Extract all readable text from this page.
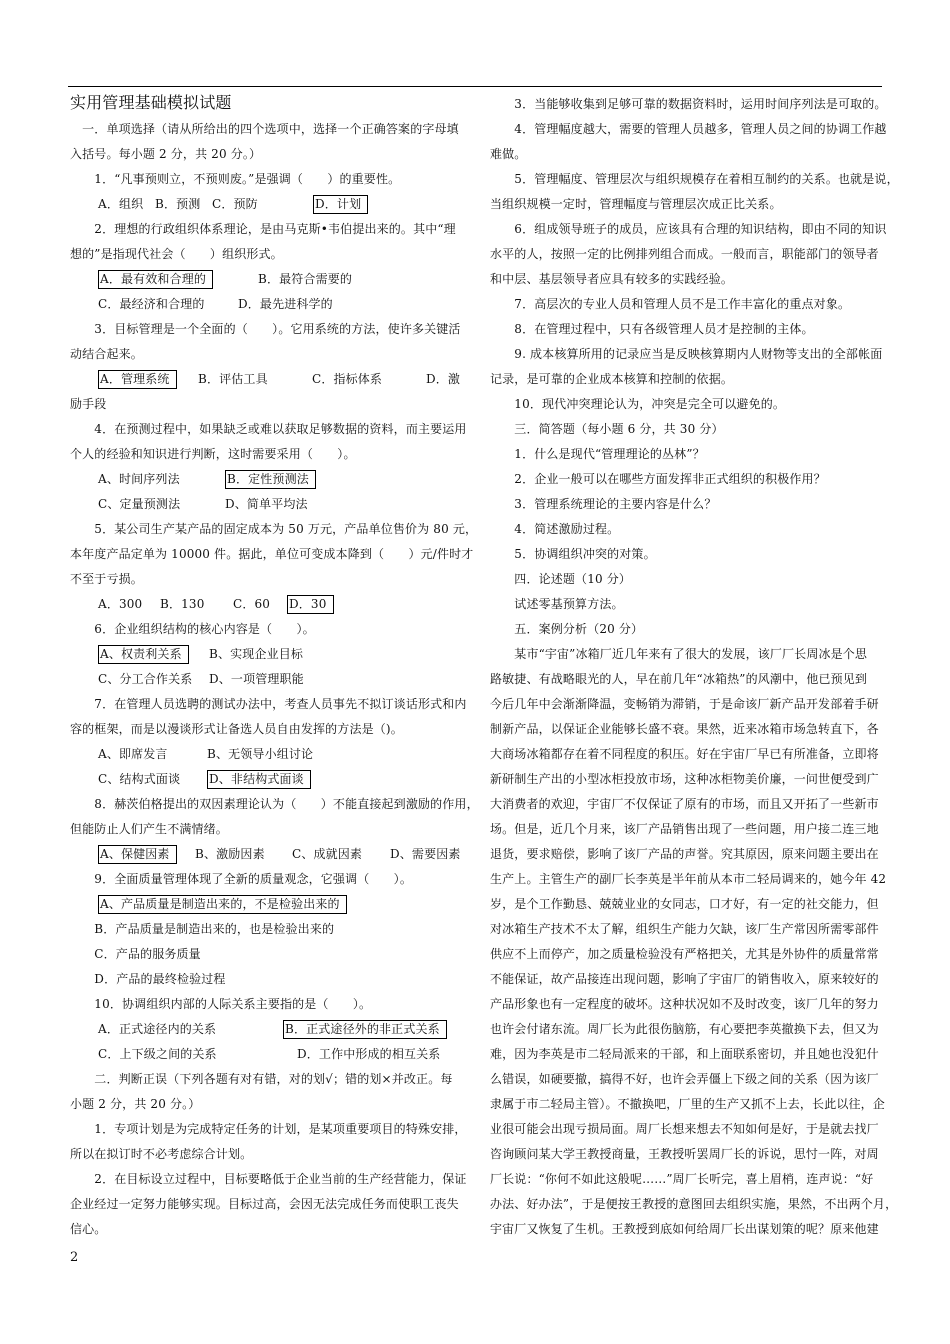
实用管理基础模拟试题
　一．单项选择（请从所给出的四个选项中，选择一个正确答案的字母填
入括号。每小题 2 分，共 20 分。）
　　1．“凡事预则立，不预则废。”是强调（　　）的重要性。
A．组织 B．预测 C．预防	D．计划
　　2．理想的行政组织体系理论，是由马克斯•韦伯提出来的。其中“理
想的”是指现代社会（　　）组织形式。
A．最有效和合理的	B．最符合需要的
C．最经济和合理的	D．最先进科学的
　　3．目标管理是一个全面的（　　）。它用系统的方法，使许多关键活
动结合起来。
A．管理系统	B．评估工具	C．指标体系	D．激
励手段
　　4．在预测过程中，如果缺乏或难以获取足够数据的资料，而主要运用
个人的经验和知识进行判断，这时需要采用（　　）。
A、时间序列法	B．定性预测法
C、定量预测法	D、简单平均法
　　5．某公司生产某产品的固定成本为 50 万元，产品单位售价为 80 元，
本年度产品定单为 10000 件。据此，单位可变成本降到（　　）元/件时才
不至于亏损。
A．300 B．130 C．60 D．30
　　6．企业组织结构的核心内容是（　　）。
A、权责利关系	B、实现企业目标
C、分工合作关系 D、一项管理职能
　　7．在管理人员选聘的测试办法中，考查人员事先不拟订谈话形式和内
容的框架，而是以漫谈形式让备选人员自由发挥的方法是（)。
A、即席发言	B、无领导小组讨论
C、结构式面谈 D、非结构式面谈
　　8．赫茨伯格提出的双因素理论认为（　　）不能直接起到激励的作用，
但能防止人们产生不满情绪。
A、保健因素	B、激励因素 C、成就因素 D、需要因素
　　9．全面质量管理体现了全新的质量观念，它强调（　　）。
A、产品质量是制造出来的，不是检验出来的
　　B．产品质量是制造出来的，也是检验出来的
　　C．产品的服务质量
　　D．产品的最终检验过程
　　10．协调组织内部的人际关系主要指的是（　　）。
A．正式途径内的关系	B．正式途径外的非正式关系
C．上下级之间的关系	D．工作中形成的相互关系
　　二．判断正误（下列各题有对有错，对的划√；错的划×并改正。每
小题 2 分，共 20 分。）
　　1．专项计划是为完成特定任务的计划，是某项重要项目的特殊安排，
所以在拟订时不必考虑综合计划。
　　2．在目标设立过程中，目标要略低于企业当前的生产经营能力，保证
企业经过一定努力能够实现。目标过高，会因无法完成任务而使职工丧失
信心。
　　3．当能够收集到足够可靠的数据资料时，运用时间序列法是可取的。
　　4．管理幅度越大，需要的管理人员越多，管理人员之间的协调工作越
难做。
　　5．管理幅度、管理层次与组织规模存在着相互制约的关系。也就是说，
当组织规模一定时，管理幅度与管理层次成正比关系。
　　6．组成领导班子的成员，应该具有合理的知识结构，即由不同的知识
水平的人，按照一定的比例排列组合而成。一般而言，职能部门的领导者
和中层、基层领导者应具有较多的实践经验。
　　7．高层次的专业人员和管理人员不是工作丰富化的重点对象。
　　8．在管理过程中，只有各级管理人员才是控制的主体。
　　9. 成本核算所用的记录应当是反映核算期内人财物等支出的全部帐面
记录，是可靠的企业成本核算和控制的依据。
　　10．现代冲突理论认为，冲突是完全可以避免的。
　　三．简答题（每小题 6 分，共 30 分）
　　1．什么是现代“管理理论的丛林”？
　　2．企业一般可以在哪些方面发挥非正式组织的积极作用？
　　3．管理系统理论的主要内容是什么？
　　4．简述激励过程。
　　5．协调组织冲突的对策。
　　四．论述题（10 分）
　　试述零基预算方法。
　　五．案例分析（20 分）
　　某市“宇宙”冰箱厂近几年来有了很大的发展，该厂厂长周冰是个思
路敏捷、有战略眼光的人，早在前几年“冰箱热”的风潮中，他已预见到
今后几年中会渐渐降温，变畅销为滞销，于是命该厂新产品开发部着手研
制新产品，以保证企业能够长盛不衰。果然，近来冰箱市场急转直下，各
大商场冰箱都存在着不同程度的积压。好在宇宙厂早已有所准备，立即将
新研制生产出的小型冰柜投放市场，这种冰柜物美价廉，一问世便受到广
大消费者的欢迎，宇宙厂不仅保证了原有的市场，而且又开拓了一些新市
场。但是，近几个月来，该厂产品销售出现了一些问题，用户接二连三地
退货，要求赔偿，影响了该厂产品的声誉。究其原因，原来问题主要出在
生产上。主管生产的副厂长李英是半年前从本市二轻局调来的，她今年 42
岁，是个工作勤恳、兢兢业业的女同志，口才好，有一定的社交能力，但
对冰箱生产技术不太了解，组织生产能力欠缺，该厂生产常因所需零部件
供应不上而停产，加之质量检验没有严格把关，尤其是外协件的质量常常
不能保证，故产品接连出现问题，影响了宇宙厂的销售收入，原来较好的
产品形象也有一定程度的破坏。这种状况如不及时改变，该厂几年的努力
也许会付诸东流。周厂长为此很伤脑筋，有心要把李英撤换下去，但又为
难，因为李英是市二轻局派来的干部，和上面联系密切，并且她也没犯什
么错误，如硬要撤，搞得不好，也许会弄僵上下级之间的关系（因为该厂
隶属于市二轻局主管）。不撤换吧，厂里的生产又抓不上去，长此以往，企
业很可能会出现亏损局面。周厂长想来想去不知如何是好，于是就去找厂
咨询顾问某大学王教授商量，王教授听罢周厂长的诉说，思忖一阵，对周
厂长说：“你何不如此这般呢……”周厂长听完，喜上眉梢，连声说：“好
办法、好办法”，于是便按王教授的意图回去组织实施，果然，不出两个月，
宇宙厂又恢复了生机。王教授到底如何给周厂长出谋划策的呢？原来他建
2
